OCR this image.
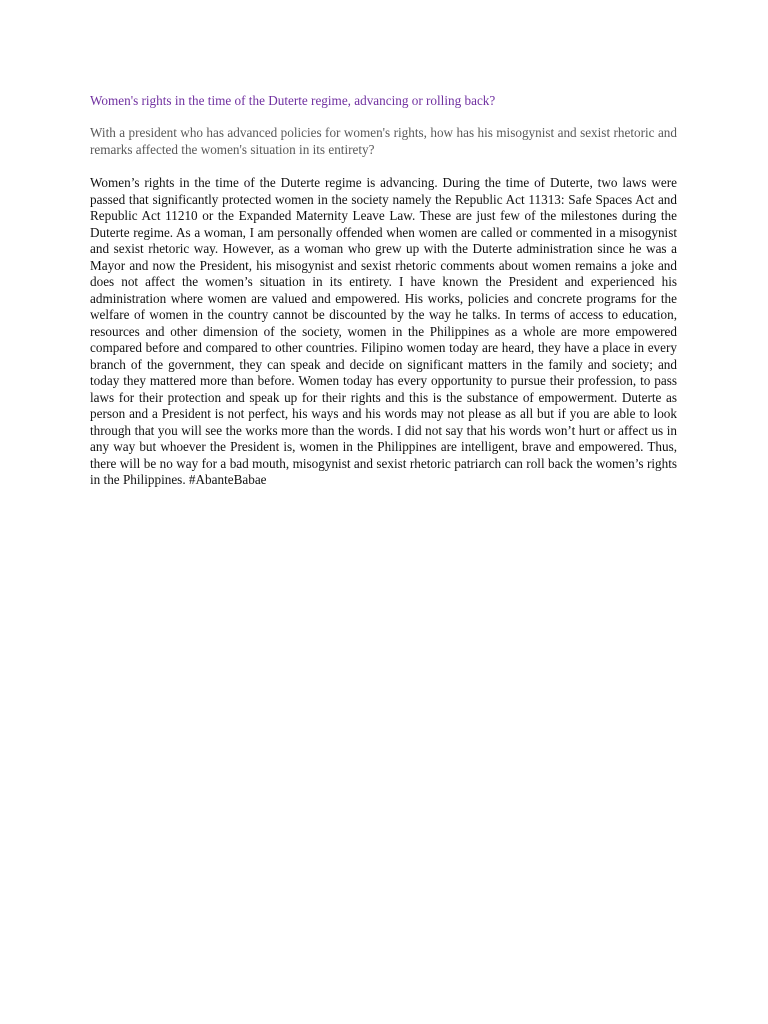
Women's rights in the time of the Duterte regime, advancing or rolling back?

With a president who has advanced policies for women's rights, how has his misogynist and sexist rhetoric and remarks affected the women's situation in its entirety?

Women’s rights in the time of the Duterte regime is advancing. During the time of Duterte, two laws were passed that significantly protected women in the society namely the Republic Act 11313: Safe Spaces Act and Republic Act 11210 or the Expanded Maternity Leave Law. These are just few of the milestones during the Duterte regime. As a woman, I am personally offended when women are called or commented in a misogynist and sexist rhetoric way. However, as a woman who grew up with the Duterte administration since he was a Mayor and now the President, his misogynist and sexist rhetoric comments about women remains a joke and does not affect the women’s situation in its entirety. I have known the President and experienced his administration where women are valued and empowered. His works, policies and concrete programs for the welfare of women in the country cannot be discounted by the way he talks. In terms of access to education, resources and other dimension of the society, women in the Philippines as a whole are more empowered compared before and compared to other countries. Filipino women today are heard, they have a place in every branch of the government, they can speak and decide on significant matters in the family and society; and today they mattered more than before. Women today has every opportunity to pursue their profession, to pass laws for their protection and speak up for their rights and this is the substance of empowerment. Duterte as person and a President is not perfect, his ways and his words may not please as all but if you are able to look through that you will see the works more than the words. I did not say that his words won’t hurt or affect us in any way but whoever the President is, women in the Philippines are intelligent, brave and empowered. Thus, there will be no way for a bad mouth, misogynist and sexist rhetoric patriarch can roll back the women’s rights in the Philippines. #AbanteBabae
